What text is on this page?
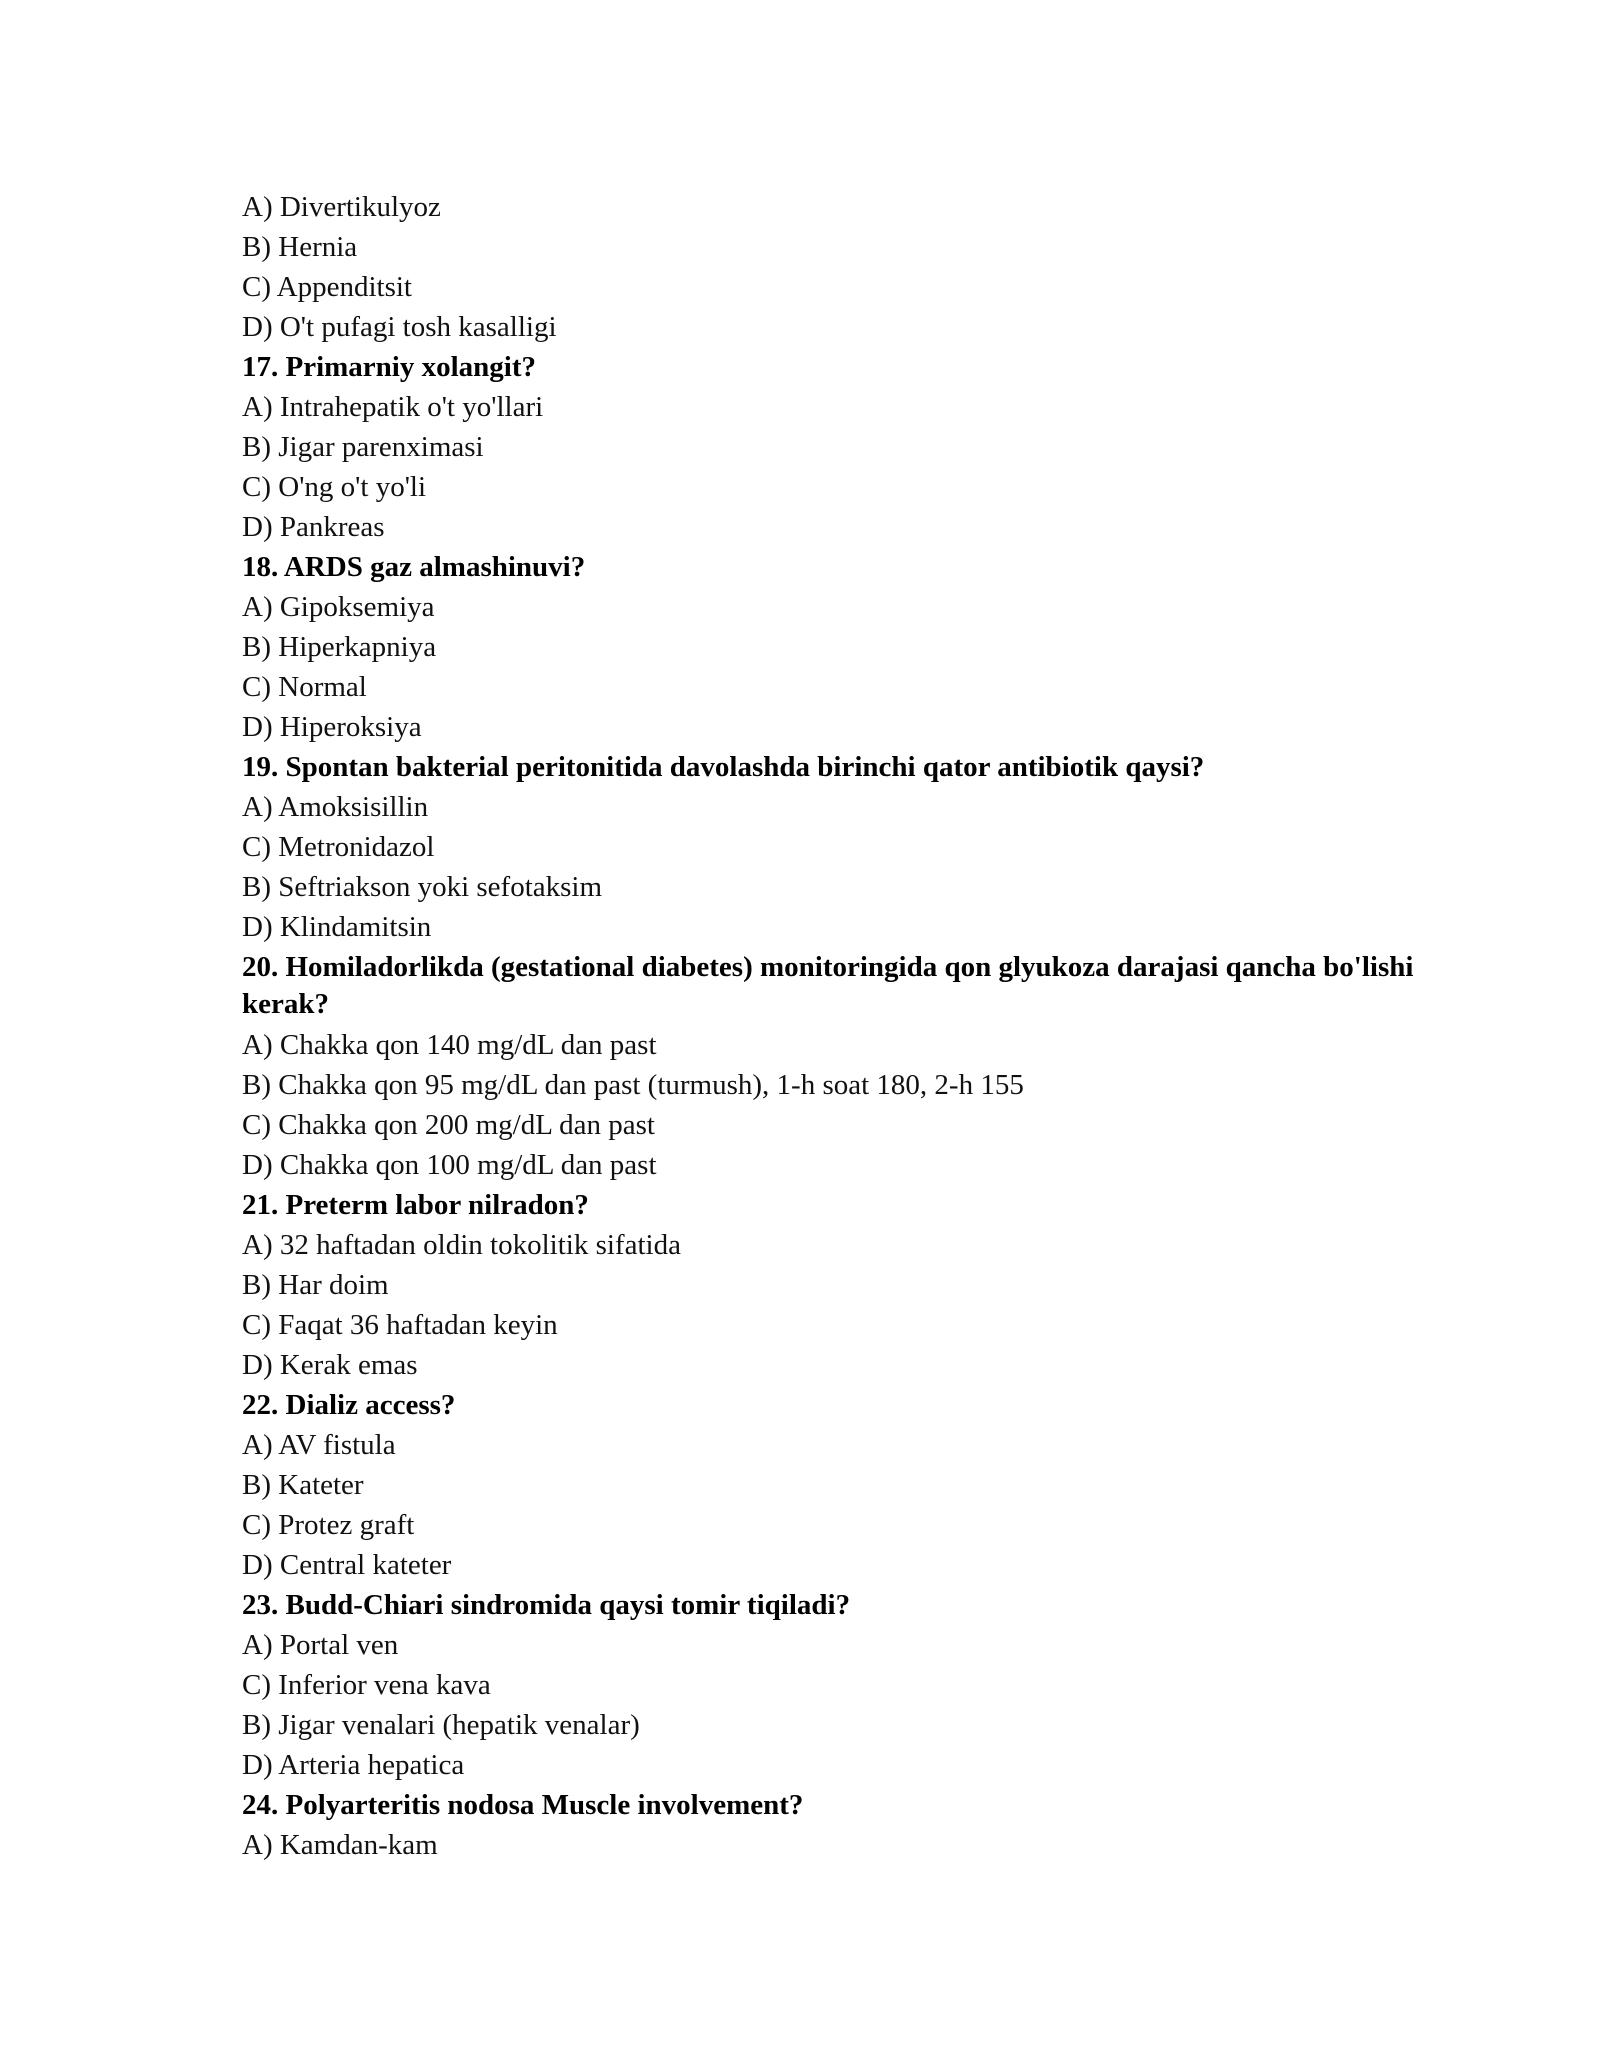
A) Divertikulyoz
B) Hernia
C) Appenditsit
D) O't pufagi tosh kasalligi
17. Primarniy xolangit?
A) Intrahepatik o't yo'llari
B) Jigar parenximasi
C) O'ng o't yo'li
D) Pankreas
18. ARDS gaz almashinuvi?
A) Gipoksemiya
B) Hiperkapniya
C) Normal
D) Hiperoksiya
19. Spontan bakterial peritonitida davolashda birinchi qator antibiotik qaysi?
A) Amoksisillin
C) Metronidazol
B) Seftriakson yoki sefotaksim
D) Klindamitsin
20. Homiladorlikda (gestational diabetes) monitoringida qon glyukoza darajasi qancha bo'lishi kerak?
A) Chakka qon 140 mg/dL dan past
B) Chakka qon 95 mg/dL dan past (turmush), 1-h soat 180, 2-h 155
C) Chakka qon 200 mg/dL dan past
D) Chakka qon 100 mg/dL dan past
21. Preterm labor nilradon?
A) 32 haftadan oldin tokolitik sifatida
B) Har doim
C) Faqat 36 haftadan keyin
D) Kerak emas
22. Dializ access?
A) AV fistula
B) Kateter
C) Protez graft
D) Central kateter
23. Budd-Chiari sindromida qaysi tomir tiqiladi?
A) Portal ven
C) Inferior vena kava
B) Jigar venalari (hepatik venalar)
D) Arteria hepatica
24. Polyarteritis nodosa Muscle involvement?
A) Kamdan-kam
